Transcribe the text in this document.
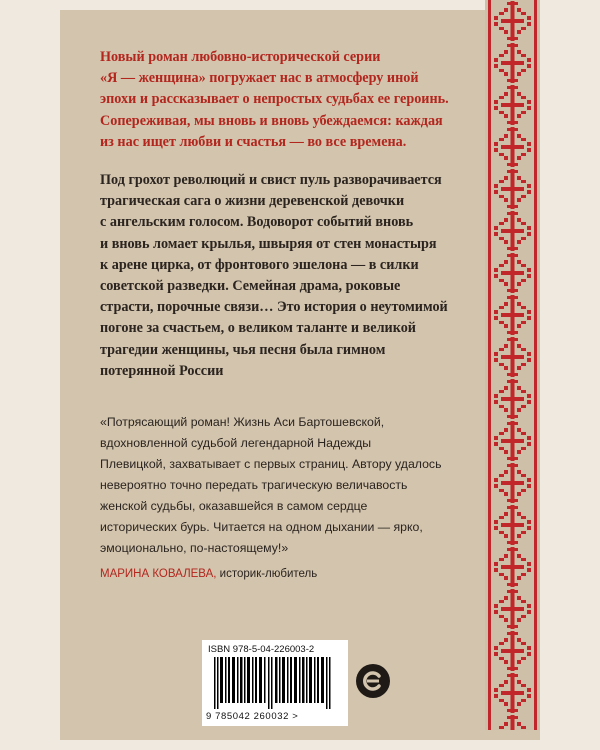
Новый роман любовно-исторической серии
«Я — женщина» погружает нас в атмосферу иной
эпохи и рассказывает о непростых судьбах ее героинь.
Сопереживая, мы вновь и вновь убеждаемся: каждая
из нас ищет любви и счастья — во все времена.
Под грохот революций и свист пуль разворачивается
трагическая сага о жизни деревенской девочки
с ангельским голосом. Водоворот событий вновь
и вновь ломает крылья, швыряя от стен монастыря
к арене цирка, от фронтового эшелона — в силки
советской разведки. Семейная драма, роковые
страсти, порочные связи… Это история о неутомимой
погоне за счастьем, о великом таланте и великой
трагедии женщины, чья песня была гимном
потерянной России

«Потрясающий роман! Жизнь Аси Бартошевской,

вдохновленной судьбой легендарной Надежды

Плевицкой, захватывает с первых страниц. Автору удалось

невероятно точно передать трагическую величавость

женской судьбы, оказавшейся в самом сердце

исторических бурь. Читается на одном дыхании — ярко,

эмоционально, по-настоящему!»

МАРИНА КОВАЛЕВА, историк-любитель
ISBN 978-5-04-226003-2
9 785042 260032 >
